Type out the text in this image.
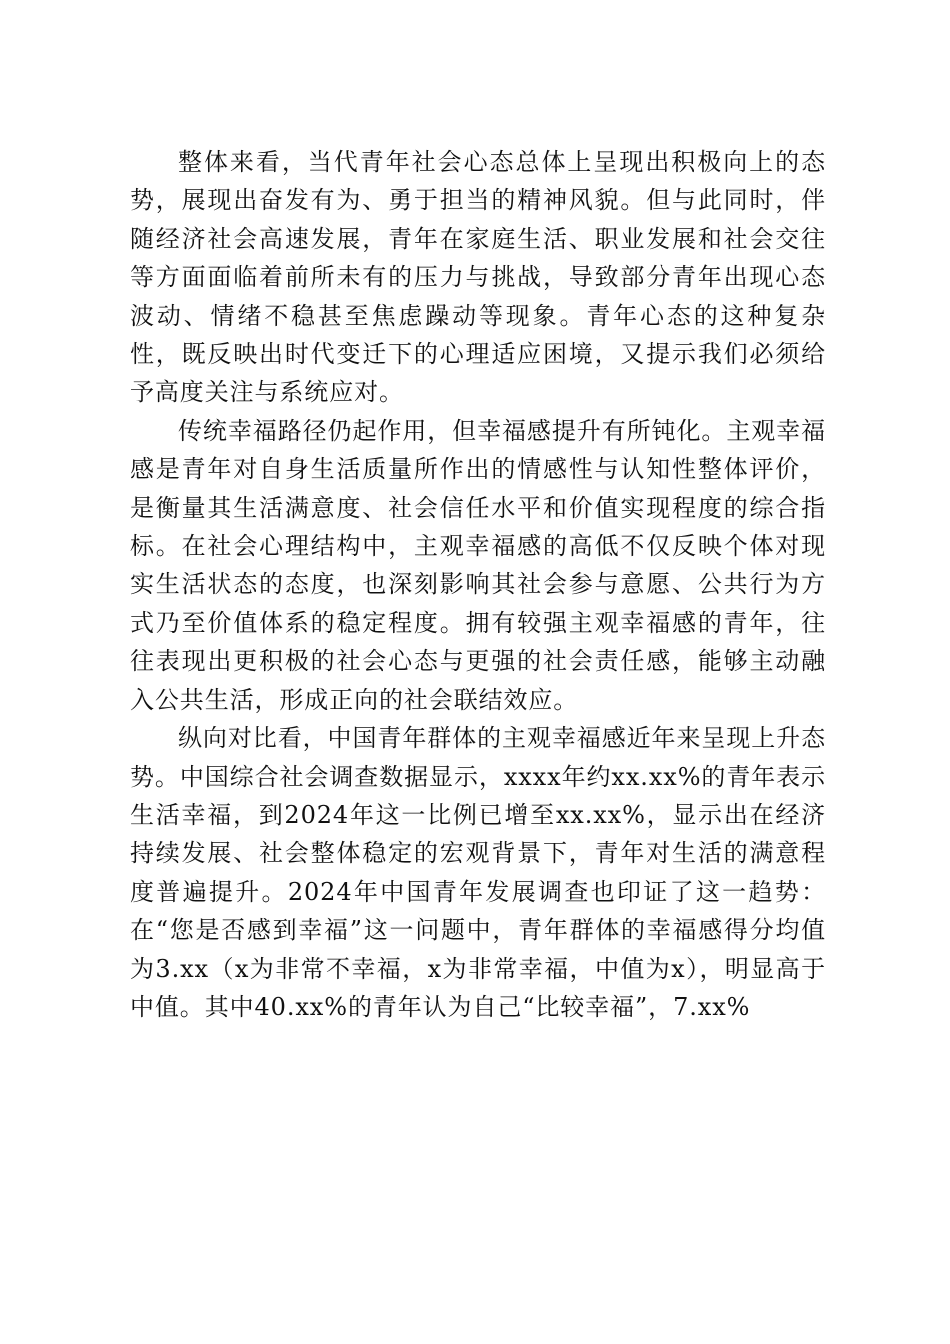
整体来看，当代青年社会心态总体上呈现出积极向上的态势，展现出奋发有为、勇于担当的精神风貌。但与此同时，伴随经济社会高速发展，青年在家庭生活、职业发展和社会交往等方面面临着前所未有的压力与挑战，导致部分青年出现心态波动、情绪不稳甚至焦虑躁动等现象。青年心态的这种复杂性，既反映出时代变迁下的心理适应困境，又提示我们必须给予高度关注与系统应对。

传统幸福路径仍起作用，但幸福感提升有所钝化。主观幸福感是青年对自身生活质量所作出的情感性与认知性整体评价，是衡量其生活满意度、社会信任水平和价值实现程度的综合指标。在社会心理结构中，主观幸福感的高低不仅反映个体对现实生活状态的态度，也深刻影响其社会参与意愿、公共行为方式乃至价值体系的稳定程度。拥有较强主观幸福感的青年，往往表现出更积极的社会心态与更强的社会责任感，能够主动融入公共生活，形成正向的社会联结效应。

纵向对比看，中国青年群体的主观幸福感近年来呈现上升态势。中国综合社会调查数据显示，xxxx年约xx.xx%的青年表示生活幸福，到2024年这一比例已增至xx.xx%，显示出在经济持续发展、社会整体稳定的宏观背景下，青年对生活的满意程度普遍提升。2024年中国青年发展调查也印证了这一趋势：在“您是否感到幸福”这一问题中，青年群体的幸福感得分均值为3.xx（x为非常不幸福，x为非常幸福，中值为x），明显高于中值。其中40.xx%的青年认为自己“比较幸福”，7.xx%
